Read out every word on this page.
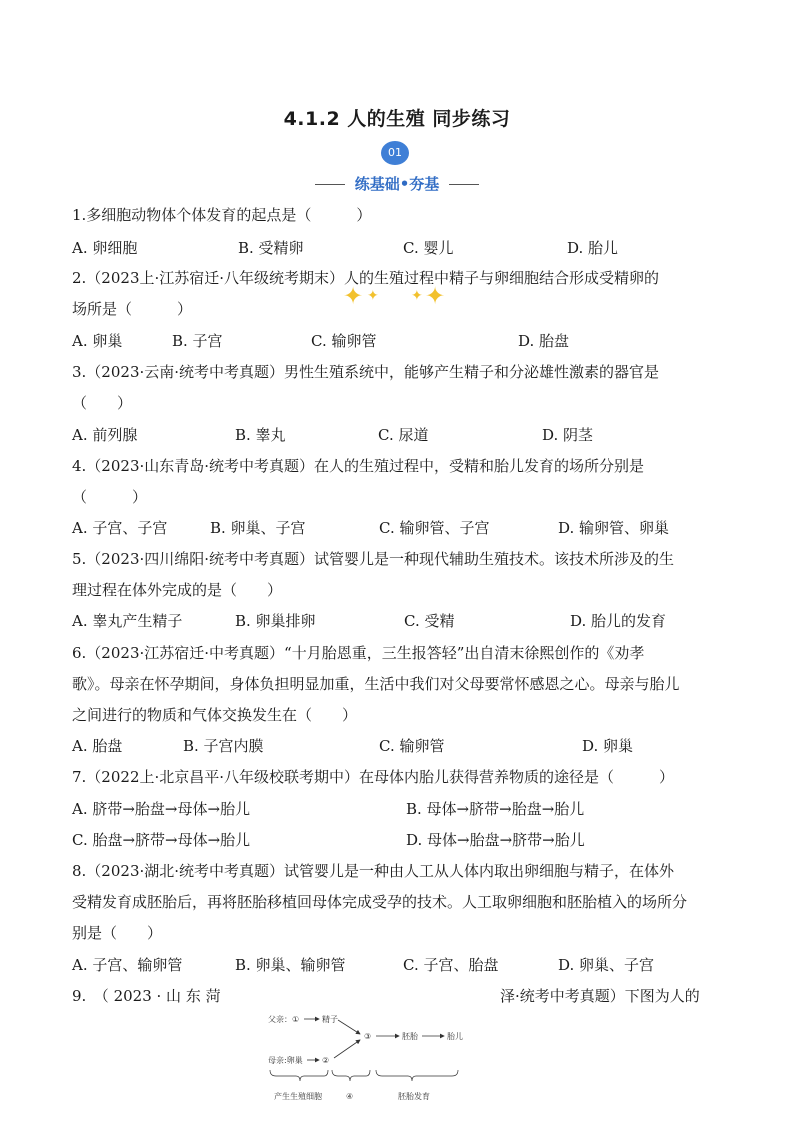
4.1.2 人的生殖 同步练习
✦ ✦ ✦ ✦
01
练基础•夯基
1.多细胞动物体个体发育的起点是（　　　）
A. 卵细胞	B. 受精卵	C. 婴儿	D. 胎儿
2.（2023上·江苏宿迁·八年级统考期末）人的生殖过程中精子与卵细胞结合形成受精卵的
场所是（　　　）
A. 卵巢	B. 子宫	C. 输卵管	D. 胎盘
3.（2023·云南·统考中考真题）男性生殖系统中，能够产生精子和分泌雄性激素的器官是
（　　）
A. 前列腺	B. 睾丸	C. 尿道	D. 阴茎
4.（2023·山东青岛·统考中考真题）在人的生殖过程中，受精和胎儿发育的场所分别是
（　　　）
A. 子宫、子宫	B. 卵巢、子宫	C. 输卵管、子宫	D. 输卵管、卵巢
5.（2023·四川绵阳·统考中考真题）试管婴儿是一种现代辅助生殖技术。该技术所涉及的生
理过程在体外完成的是（　　）
A. 睾丸产生精子	B. 卵巢排卵	C. 受精	D. 胎儿的发育
6.（2023·江苏宿迁·中考真题）“十月胎恩重，三生报答轻”出自清末徐熙创作的《劝孝
歌》。母亲在怀孕期间，身体负担明显加重，生活中我们对父母要常怀感恩之心。母亲与胎儿
之间进行的物质和气体交换发生在（　　）
A. 胎盘	B. 子宫内膜	C. 输卵管	D. 卵巢
7.（2022上·北京昌平·八年级校联考期中）在母体内胎儿获得营养物质的途径是（　　　）
A. 脐带→胎盘→母体→胎儿	B. 母体→脐带→胎盘→胎儿
C. 胎盘→脐带→母体→胎儿	D. 母体→胎盘→脐带→胎儿
8.（2023·湖北·统考中考真题）试管婴儿是一种由人工从人体内取出卵细胞与精子，在体外
受精发育成胚胎后，再将胚胎移植回母体完成受孕的技术。人工取卵细胞和胚胎植入的场所分
别是（　　）
A. 子宫、输卵管	B. 卵巢、输卵管	C. 子宫、胎盘	D. 卵巢、子宫
9.　（ 2023 · 山 东 菏	泽·统考中考真题）下图为人的
父亲：①	精子
③	胚胎	胎儿
母亲:卵巢 ②
产生生殖细胞	④	胚胎发育
